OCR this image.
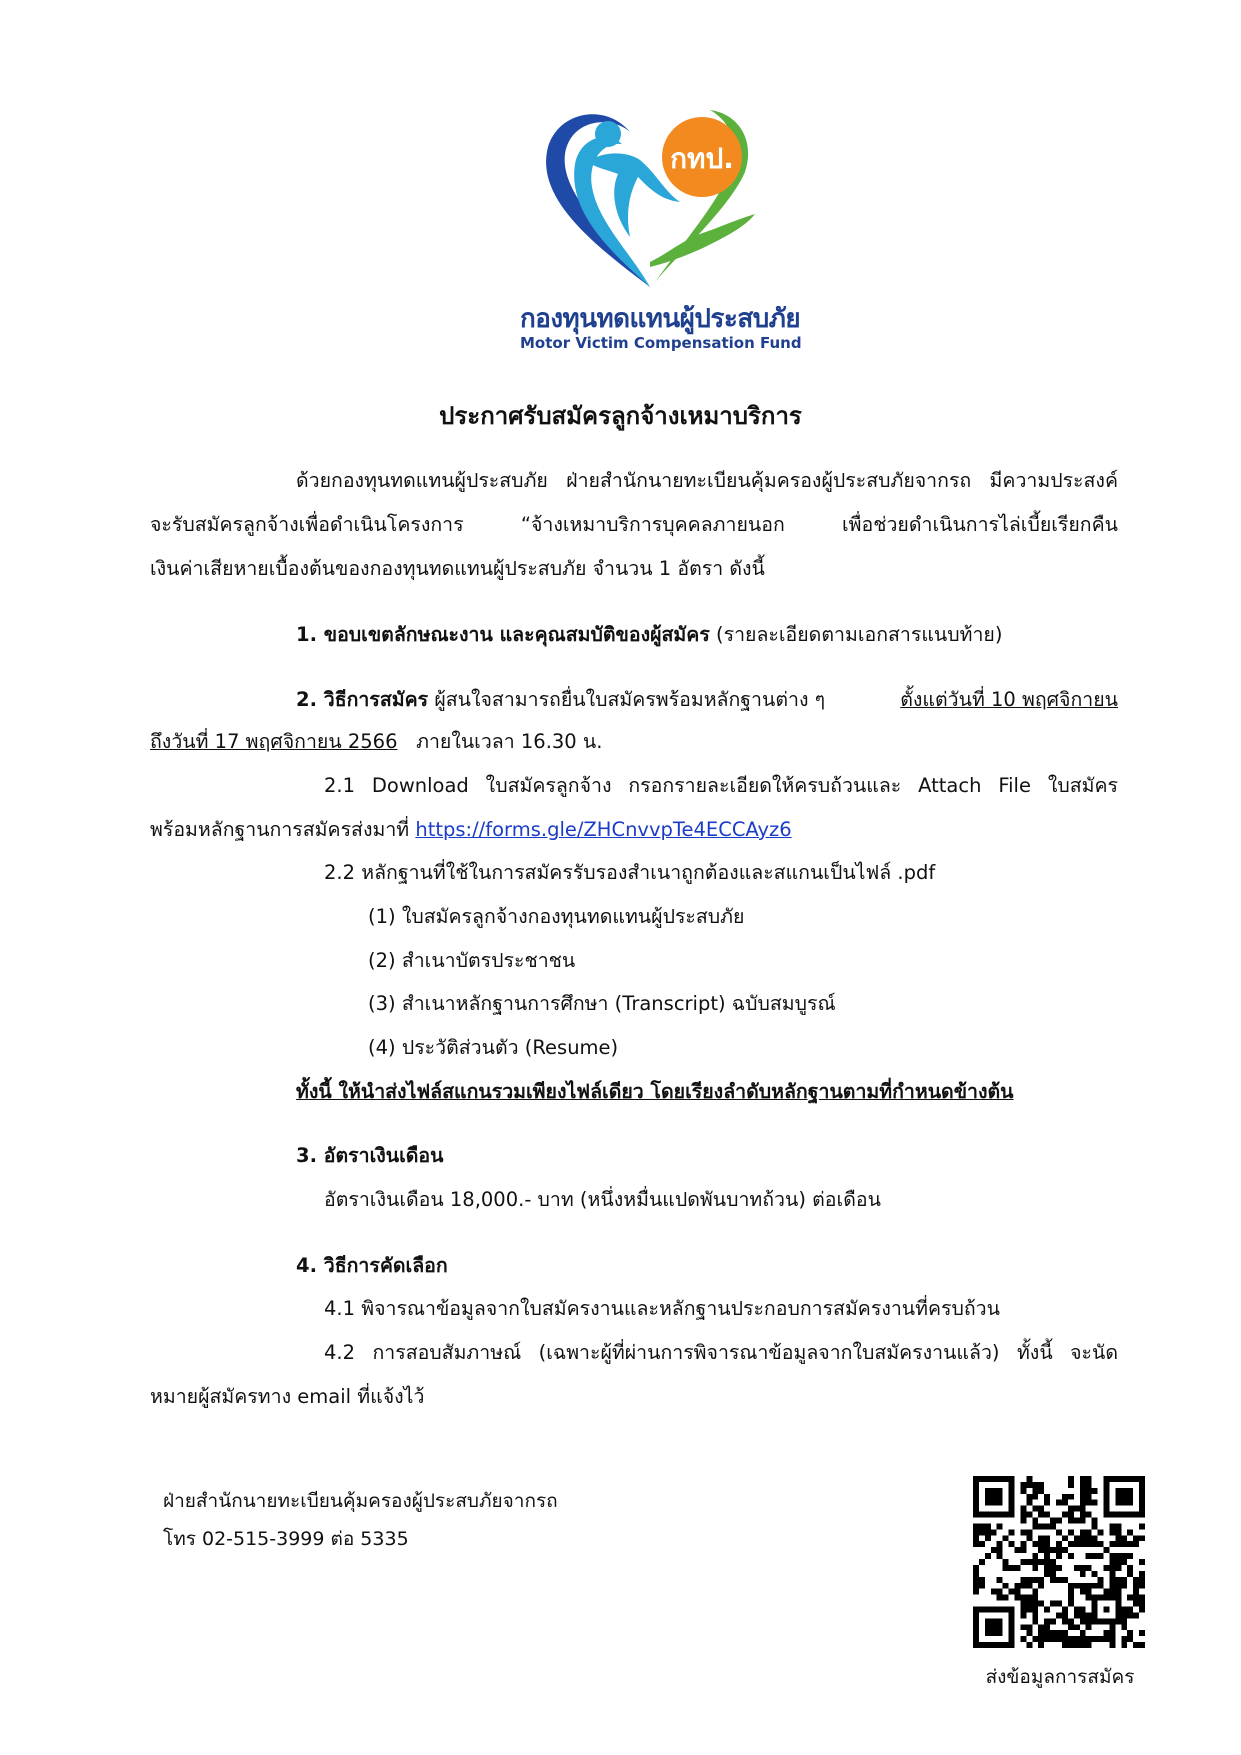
กทป.
กองทุนทดแทนผู้ประสบภัย
Motor Victim Compensation Fund
ประกาศรับสมัครลูกจ้างเหมาบริการ
ด้วยกองทุนทดแทนผู้ประสบภัย ฝ่ายสำนักนายทะเบียนคุ้มครองผู้ประสบภัยจากรถ มีความประสงค์
จะรับสมัครลูกจ้างเพื่อดำเนินโครงการ “จ้างเหมาบริการบุคคลภายนอก เพื่อช่วยดำเนินการไล่เบี้ยเรียกคืน
เงินค่าเสียหายเบื้องต้นของกองทุนทดแทนผู้ประสบภัย จำนวน 1 อัตรา ดังนี้
1. ขอบเขตลักษณะงาน และคุณสมบัติของผู้สมัคร (รายละเอียดตามเอกสารแนบท้าย)
2. วิธีการสมัคร ผู้สนใจสามารถยื่นใบสมัครพร้อมหลักฐานต่าง ๆ	ตั้งแต่วันที่ 10 พฤศจิกายน
ถึงวันที่ 17 พฤศจิกายน 2566 ภายในเวลา 16.30 น.
2.1 Download ใบสมัครลูกจ้าง กรอกรายละเอียดให้ครบถ้วนและ Attach File ใบสมัคร
พร้อมหลักฐานการสมัครส่งมาที่ https://forms.gle/ZHCnvvpTe4ECCAyz6
2.2 หลักฐานที่ใช้ในการสมัครรับรองสำเนาถูกต้องและสแกนเป็นไฟล์ .pdf
(1) ใบสมัครลูกจ้างกองทุนทดแทนผู้ประสบภัย
(2) สำเนาบัตรประชาชน
(3) สำเนาหลักฐานการศึกษา (Transcript) ฉบับสมบูรณ์
(4) ประวัติส่วนตัว (Resume)
ทั้งนี้ ให้นำส่งไฟล์สแกนรวมเพียงไฟล์เดียว โดยเรียงลำดับหลักฐานตามที่กำหนดข้างต้น
3. อัตราเงินเดือน
อัตราเงินเดือน 18,000.- บาท (หนึ่งหมื่นแปดพันบาทถ้วน) ต่อเดือน
4. วิธีการคัดเลือก
4.1 พิจารณาข้อมูลจากใบสมัครงานและหลักฐานประกอบการสมัครงานที่ครบถ้วน
4.2 การสอบสัมภาษณ์ (เฉพาะผู้ที่ผ่านการพิจารณาข้อมูลจากใบสมัครงานแล้ว) ทั้งนี้ จะนัด
หมายผู้สมัครทาง email ที่แจ้งไว้
ฝ่ายสำนักนายทะเบียนคุ้มครองผู้ประสบภัยจากรถ
โทร 02-515-3999 ต่อ 5335
ส่งข้อมูลการสมัคร
